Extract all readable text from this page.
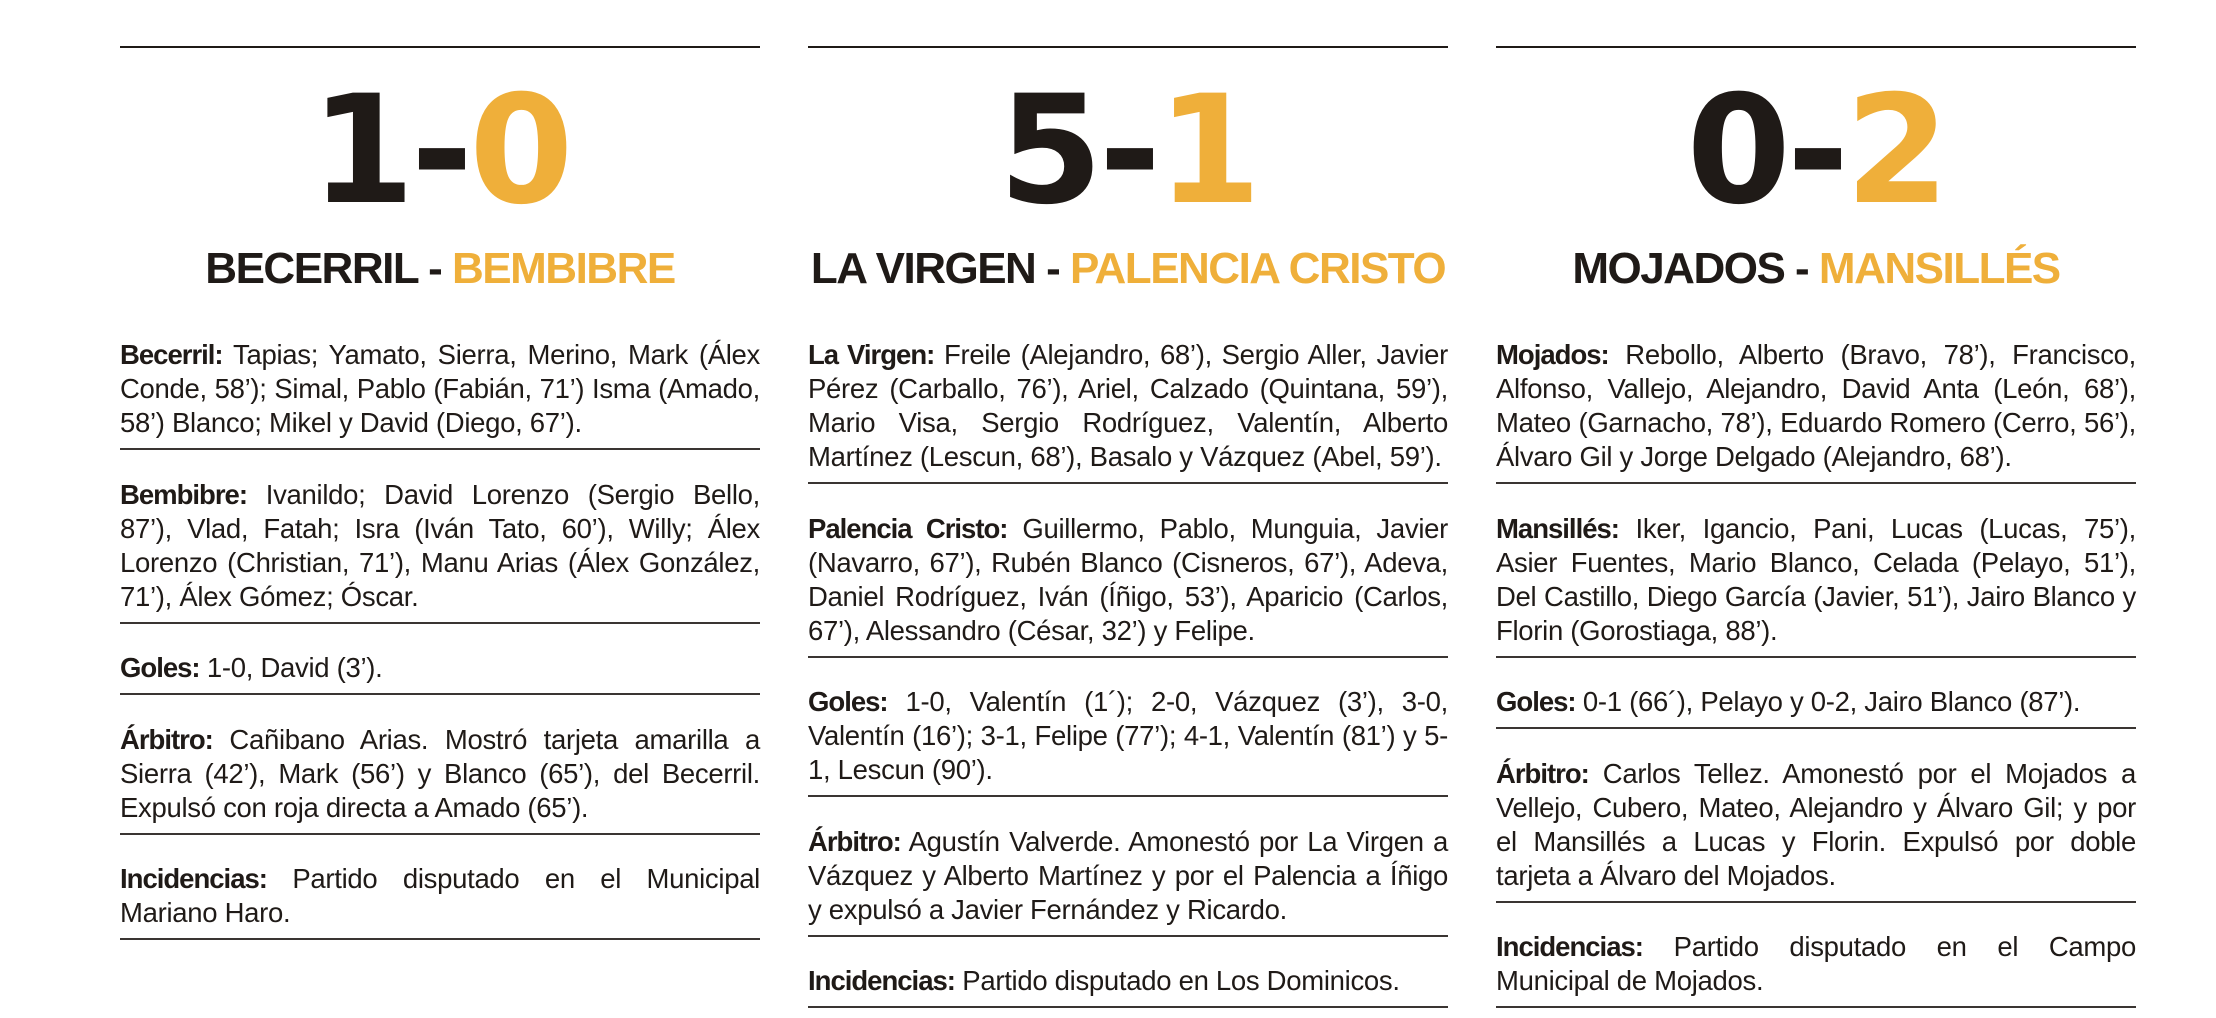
1-0
BECERRIL - BEMBIBRE

Becerril: Tapias; Yamato, Sierra, Merino, Mark (Álex Conde, 58’); Simal, Pablo (Fabián, 71’) Isma (Amado, 58’) Blanco; Mikel y David (Diego, 67’).

Bembibre: Ivanildo; David Lorenzo (Sergio Bello, 87’), Vlad, Fatah; Isra (Iván Tato, 60’), Willy; Álex Lorenzo (Christian, 71’), Manu Arias (Álex González, 71’), Álex Gómez; Óscar.

Goles: 1-0, David (3’).

Árbitro: Cañibano Arias. Mostró tarjeta amarilla a Sierra (42’), Mark (56’) y Blanco (65’), del Becerril. Expulsó con roja directa a Amado (65’).

Incidencias: Partido disputado en el Municipal Mariano Haro.

5-1
LA VIRGEN - PALENCIA CRISTO

La Virgen: Freile (Alejandro, 68’), Sergio Aller, Javier Pérez (Carballo, 76’), Ariel, Calzado (Quintana, 59’), Mario Visa, Sergio Rodríguez, Valentín, Alberto Martínez (Lescun, 68’), Basalo y Vázquez (Abel, 59’).

Palencia Cristo: Guillermo, Pablo, Munguia, Javier (Navarro, 67’), Rubén Blanco (Cisneros, 67’), Adeva, Daniel Rodríguez, Iván (Íñigo, 53’), Aparicio (Carlos, 67’), Alessandro (César, 32’) y Felipe.

Goles: 1-0, Valentín (1´); 2-0, Vázquez (3’), 3-0, Valentín (16’); 3-1, Felipe (77’); 4-1, Valentín (81’) y 5-1, Lescun (90’).

Árbitro: Agustín Valverde. Amonestó por La Virgen a Vázquez y Alberto Martínez y por el Palencia a Íñigo y expulsó a Javier Fernández y Ricardo.

Incidencias: Partido disputado en Los Dominicos.

0-2
MOJADOS - MANSILLÉS

Mojados: Rebollo, Alberto (Bravo, 78’), Francisco, Alfonso, Vallejo, Alejandro, David Anta (León, 68’), Mateo (Garnacho, 78’), Eduardo Romero (Cerro, 56’), Álvaro Gil y Jorge Delgado (Alejandro, 68’).

Mansillés: Iker, Igancio, Pani, Lucas (Lucas, 75’), Asier Fuentes, Mario Blanco, Celada (Pelayo, 51’), Del Castillo, Diego García (Javier, 51’), Jairo Blanco y Florin (Gorostiaga, 88’).

Goles: 0-1 (66´), Pelayo y 0-2, Jairo Blanco (87’).

Árbitro: Carlos Tellez. Amonestó por el Mojados a Vellejo, Cubero, Mateo, Alejandro y Álvaro Gil; y por el Mansillés a Lucas y Florin. Expulsó por doble tarjeta a Álvaro del Mojados.

Incidencias: Partido disputado en el Campo Municipal de Mojados.
